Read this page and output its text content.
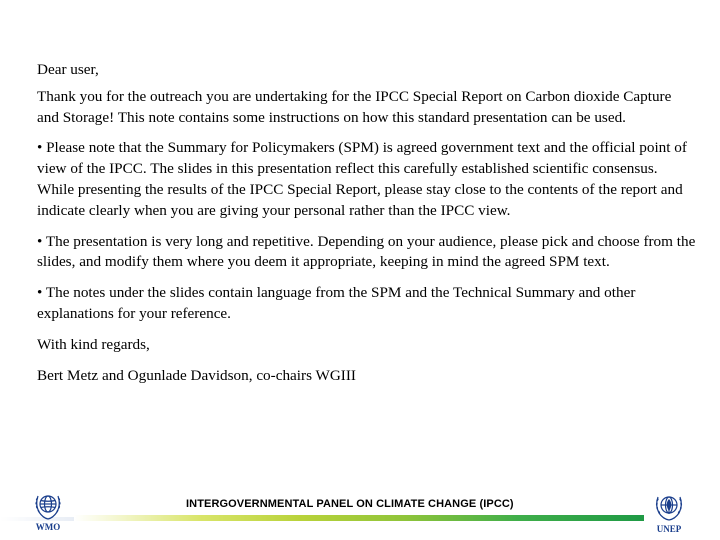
Dear user,

Thank you for the outreach you are undertaking for the IPCC Special Report on Carbon dioxide Capture and Storage! This note contains some instructions on how this standard presentation can be used.

• Please note that the Summary for Policymakers (SPM) is agreed government text and the official point of view of the IPCC. The slides in this presentation reflect this carefully established scientific consensus. While presenting the results of the IPCC Special Report, please stay close to the contents of the report and indicate clearly when you are giving your personal rather than the IPCC view.

• The presentation is very long and repetitive. Depending on your audience, please pick and choose from the slides, and modify them where you deem it appropriate, keeping in mind the agreed SPM text.

• The notes under the slides contain language from the SPM and the Technical Summary and other explanations for your reference.

With kind regards,

Bert Metz and Ogunlade Davidson, co-chairs WGIII

INTERGOVERNMENTAL PANEL ON CLIMATE CHANGE (IPCC)
WMO	UNEP
